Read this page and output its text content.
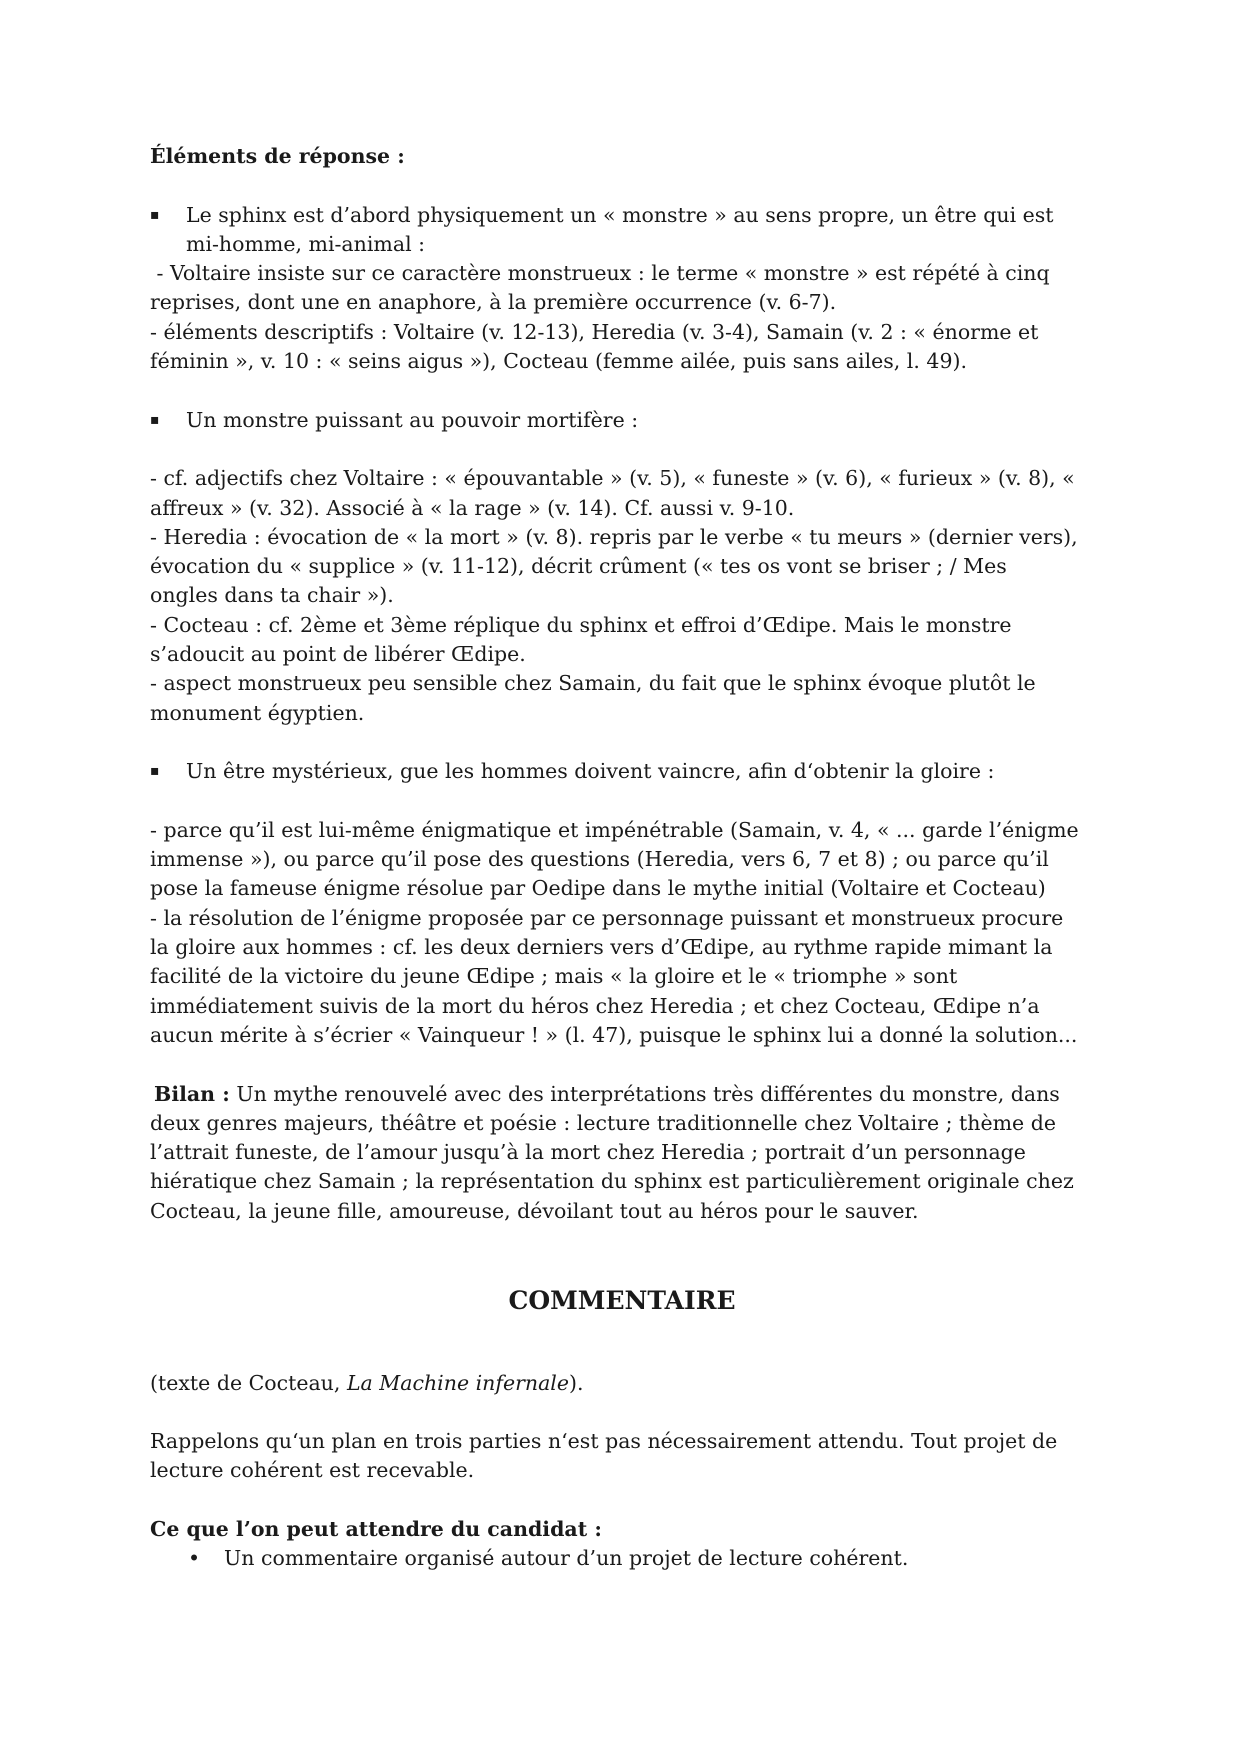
Éléments de réponse :
▪	Le sphinx est d’abord physiquement un « monstre » au sens propre, un être qui est
mi-homme, mi-animal :
- Voltaire insiste sur ce caractère monstrueux : le terme « monstre » est répété à cinq
reprises, dont une en anaphore, à la première occurrence (v. 6-7).
- éléments descriptifs : Voltaire (v. 12-13), Heredia (v. 3-4), Samain (v. 2 : « énorme et
féminin », v. 10 : « seins aigus »), Cocteau (femme ailée, puis sans ailes, l. 49).
▪	Un monstre puissant au pouvoir mortifère :
- cf. adjectifs chez Voltaire : « épouvantable » (v. 5), « funeste » (v. 6), « furieux » (v. 8), «
affreux » (v. 32). Associé à « la rage » (v. 14). Cf. aussi v. 9-10.
- Heredia : évocation de « la mort » (v. 8). repris par le verbe « tu meurs » (dernier vers),
évocation du « supplice » (v. 11-12), décrit crûment (« tes os vont se briser ; / Mes
ongles dans ta chair »).
- Cocteau : cf. 2ème et 3ème réplique du sphinx et effroi d’Œdipe. Mais le monstre
s’adoucit au point de libérer Œdipe.
- aspect monstrueux peu sensible chez Samain, du fait que le sphinx évoque plutôt le
monument égyptien.
▪	Un être mystérieux, gue les hommes doivent vaincre, afin d‘obtenir la gloire :
- parce qu’il est lui-même énigmatique et impénétrable (Samain, v. 4, « ... garde l’énigme
immense »), ou parce qu’il pose des questions (Heredia, vers 6, 7 et 8) ; ou parce qu’il
pose la fameuse énigme résolue par Oedipe dans le mythe initial (Voltaire et Cocteau)
- la résolution de l’énigme proposée par ce personnage puissant et monstrueux procure
la gloire aux hommes : cf. les deux derniers vers d’Œdipe, au rythme rapide mimant la
facilité de la victoire du jeune Œdipe ; mais « la gloire et le « triomphe » sont
immédiatement suivis de la mort du héros chez Heredia ; et chez Cocteau, Œdipe n’a
aucun mérite à s’écrier « Vainqueur ! » (l. 47), puisque le sphinx lui a donné la solution...
Bilan : Un mythe renouvelé avec des interprétations très différentes du monstre, dans
deux genres majeurs, théâtre et poésie : lecture traditionnelle chez Voltaire ; thème de
l’attrait funeste, de l’amour jusqu’à la mort chez Heredia ; portrait d’un personnage
hiératique chez Samain ; la représentation du sphinx est particulièrement originale chez
Cocteau, la jeune fille, amoureuse, dévoilant tout au héros pour le sauver.
COMMENTAIRE
(texte de Cocteau, La Machine infernale).
Rappelons qu‘un plan en trois parties n‘est pas nécessairement attendu. Tout projet de
lecture cohérent est recevable.
Ce que l’on peut attendre du candidat :
•	Un commentaire organisé autour d’un projet de lecture cohérent.
